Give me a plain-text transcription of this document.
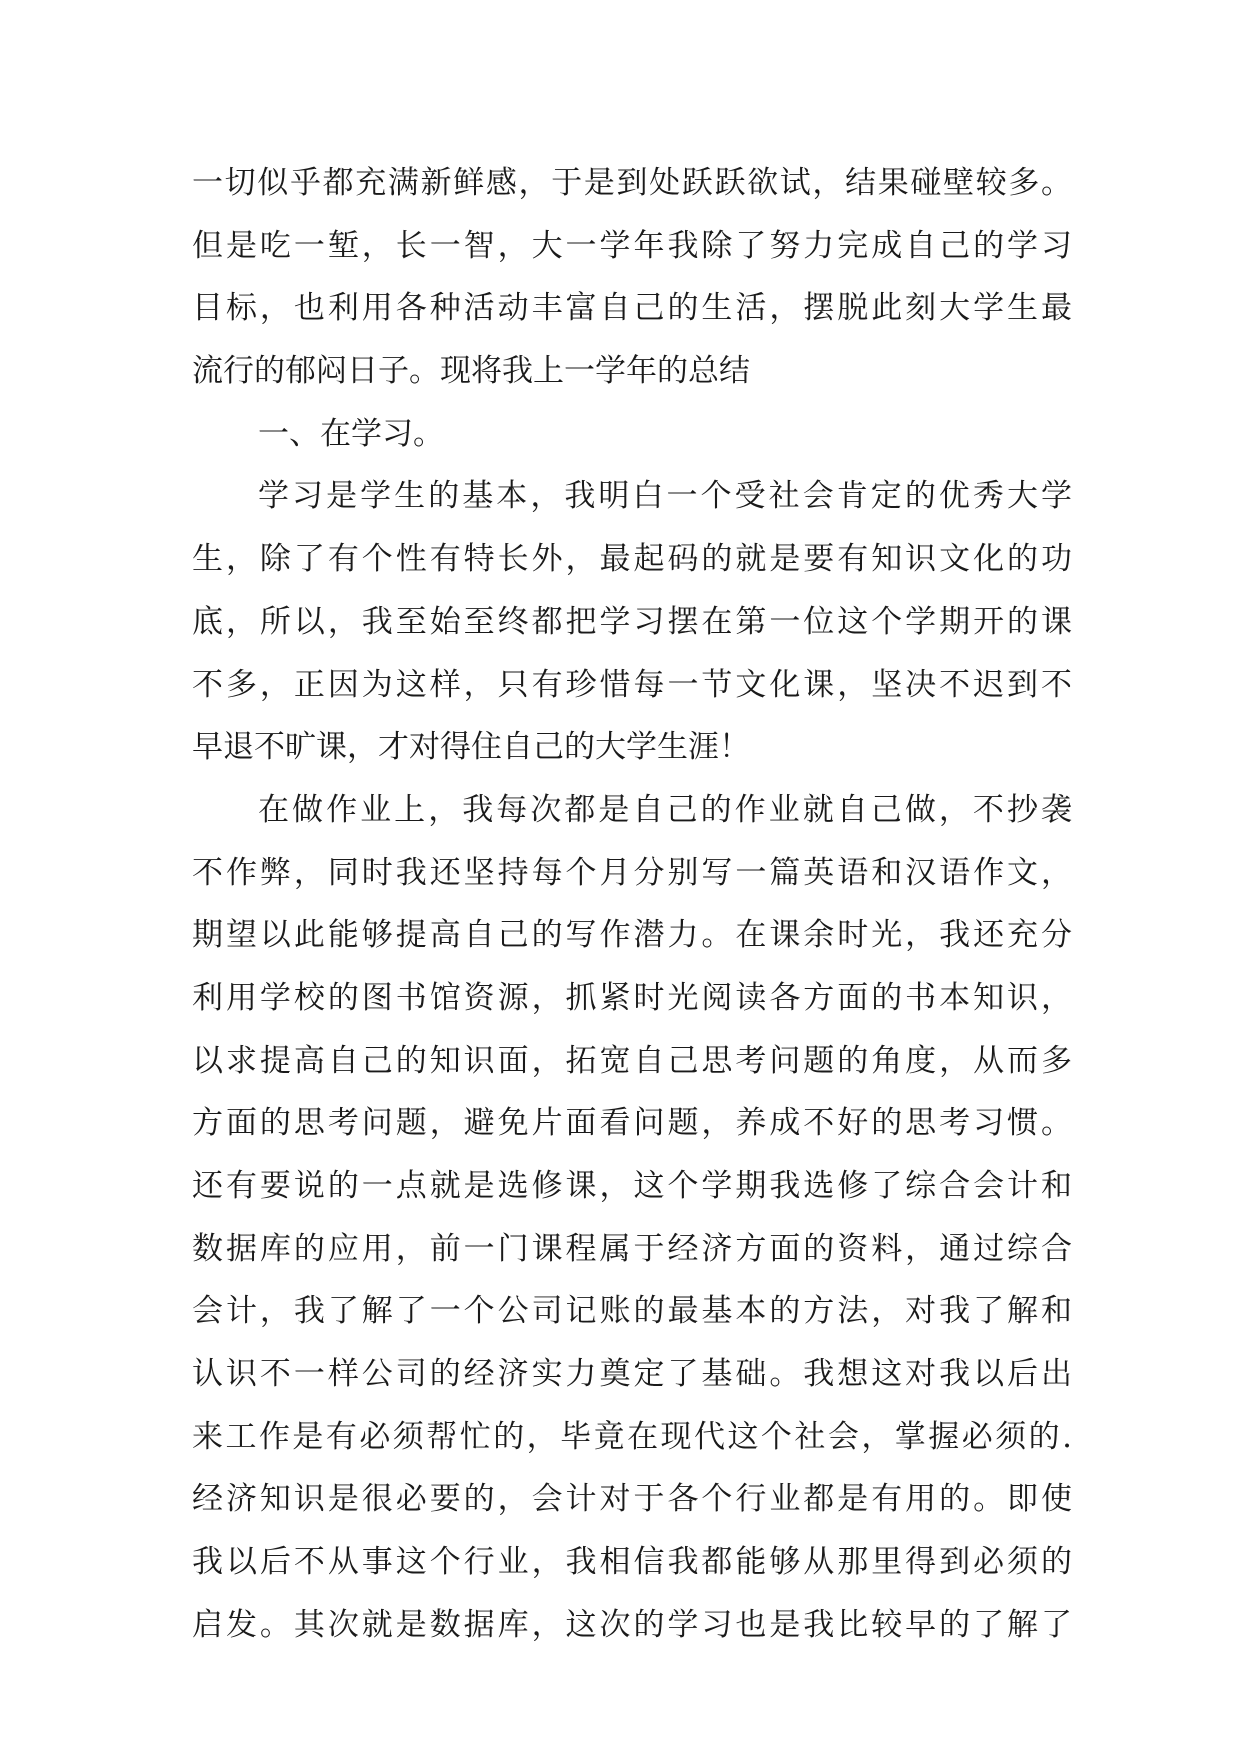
一切似乎都充满新鲜感，于是到处跃跃欲试，结果碰壁较多。
但是吃一堑，长一智，大一学年我除了努力完成自己的学习
目标，也利用各种活动丰富自己的生活，摆脱此刻大学生最
流行的郁闷日子。现将我上一学年的总结
一、在学习。
学习是学生的基本，我明白一个受社会肯定的优秀大学
生，除了有个性有特长外，最起码的就是要有知识文化的功
底，所以，我至始至终都把学习摆在第一位这个学期开的课
不多，正因为这样，只有珍惜每一节文化课，坚决不迟到不
早退不旷课，才对得住自己的大学生涯！
在做作业上，我每次都是自己的作业就自己做，不抄袭
不作弊，同时我还坚持每个月分别写一篇英语和汉语作文，
期望以此能够提高自己的写作潜力。在课余时光，我还充分
利用学校的图书馆资源，抓紧时光阅读各方面的书本知识，
以求提高自己的知识面，拓宽自己思考问题的角度，从而多
方面的思考问题，避免片面看问题，养成不好的思考习惯。
还有要说的一点就是选修课，这个学期我选修了综合会计和
数据库的应用，前一门课程属于经济方面的资料，通过综合
会计，我了解了一个公司记账的最基本的方法，对我了解和
认识不一样公司的经济实力奠定了基础。我想这对我以后出
来工作是有必须帮忙的，毕竟在现代这个社会，掌握必须的.
经济知识是很必要的，会计对于各个行业都是有用的。即使
我以后不从事这个行业，我相信我都能够从那里得到必须的
启发。其次就是数据库，这次的学习也是我比较早的了解了
